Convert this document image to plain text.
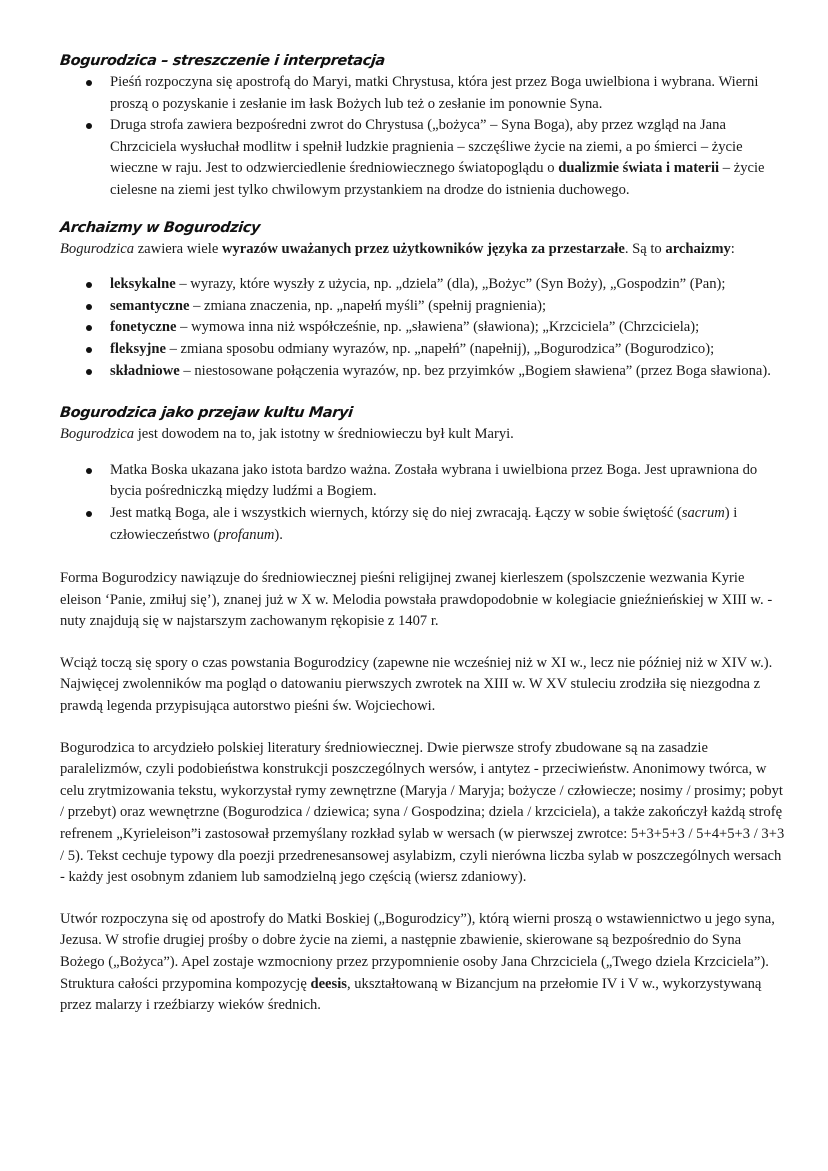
Bogurodzica – streszczenie i interpretacja
Pieśń rozpoczyna się apostrofą do Maryi, matki Chrystusa, która jest przez Boga uwielbiona i wybrana. Wierni proszą o pozyskanie i zesłanie im łask Bożych lub też o zesłanie im ponownie Syna.
Druga strofa zawiera bezpośredni zwrot do Chrystusa („bożyca” – Syna Boga), aby przez wzgląd na Jana Chrzciciela wysłuchał modlitw i spełnił ludzkie pragnienia – szczęśliwe życie na ziemi, a po śmierci – życie wieczne w raju. Jest to odzwierciedlenie średniowiecznego światopoglądu o dualizmie świata i materii – życie cielesne na ziemi jest tylko chwilowym przystankiem na drodze do istnienia duchowego.
Archaizmy w Bogurodzicy

Bogurodzica zawiera wiele wyrazów uważanych przez użytkowników języka za przestarzałe. Są to archaizmy:

leksykalne – wyrazy, które wyszły z użycia, np. „dziela” (dla), „Bożyc” (Syn Boży), „Gospodzin” (Pan);
semantyczne – zmiana znaczenia, np. „napełń myśli” (spełnij pragnienia);
fonetyczne – wymowa inna niż współcześnie, np. „sławiena” (sławiona); „Krzciciela” (Chrzciciela);
fleksyjne – zmiana sposobu odmiany wyrazów, np. „napełń” (napełnij), „Bogurodzica” (Bogurodzico);
składniowe – niestosowane połączenia wyrazów, np. bez przyimków „Bogiem sławiena” (przez Boga sławiona).
Bogurodzica jako przejaw kultu Maryi

Bogurodzica jest dowodem na to, jak istotny w średniowieczu był kult Maryi.

Matka Boska ukazana jako istota bardzo ważna. Została wybrana i uwielbiona przez Boga. Jest uprawniona do bycia pośredniczką między ludźmi a Bogiem.
Jest matką Boga, ale i wszystkich wiernych, którzy się do niej zwracają. Łączy w sobie świętość (sacrum) i człowieczeństwo (profanum).

Forma Bogurodzicy nawiązuje do średniowiecznej pieśni religijnej zwanej kierleszem (spolszczenie wezwania Kyrie eleison ‘Panie, zmiłuj się’), znanej już w X w. Melodia powstała prawdopodobnie w kolegiacie gnieźnieńskiej w XIII w. - nuty znajdują się w najstarszym zachowanym rękopisie z 1407 r.

Wciąż toczą się spory o czas powstania Bogurodzicy (zapewne nie wcześniej niż w XI w., lecz nie później niż w XIV w.). Najwięcej zwolenników ma pogląd o datowaniu pierwszych zwrotek na XIII w. W XV stuleciu zrodziła się niezgodna z prawdą legenda przypisująca autorstwo pieśni św. Wojciechowi.

Bogurodzica to arcydzieło polskiej literatury średniowiecznej. Dwie pierwsze strofy zbudowane są na zasadzie paralelizmów, czyli podobieństwa konstrukcji poszczególnych wersów, i antytez - przeciwieństw. Anonimowy twórca, w celu zrytmizowania tekstu, wykorzystał rymy zewnętrzne (Maryja / Maryja; bożycze / człowiecze; nosimy / prosimy; pobyt / przebyt) oraz wewnętrzne (Bogurodzica / dziewica; syna / Gospodzina; dziela / krzciciela), a także zakończył każdą strofę refrenem „Kyrieleison”i zastosował przemyślany rozkład sylab w wersach (w pierwszej zwrotce: 5+3+5+3 / 5+4+5+3 / 3+3 / 5). Tekst cechuje typowy dla poezji przedrenesansowej asylabizm, czyli nierówna liczba sylab w poszczególnych wersach - każdy jest osobnym zdaniem lub samodzielną jego częścią (wiersz zdaniowy).

Utwór rozpoczyna się od apostrofy do Matki Boskiej („Bogurodzicy”), którą wierni proszą o wstawiennictwo u jego syna, Jezusa. W strofie drugiej prośby o dobre życie na ziemi, a następnie zbawienie, skierowane są bezpośrednio do Syna Bożego („Bożyca”). Apel zostaje wzmocniony przez przypomnienie osoby Jana Chrzciciela („Twego dziela Krzciciela”). Struktura całości przypomina kompozycję deesis, ukształtowaną w Bizancjum na przełomie IV i V w., wykorzystywaną przez malarzy i rzeźbiarzy wieków średnich.
